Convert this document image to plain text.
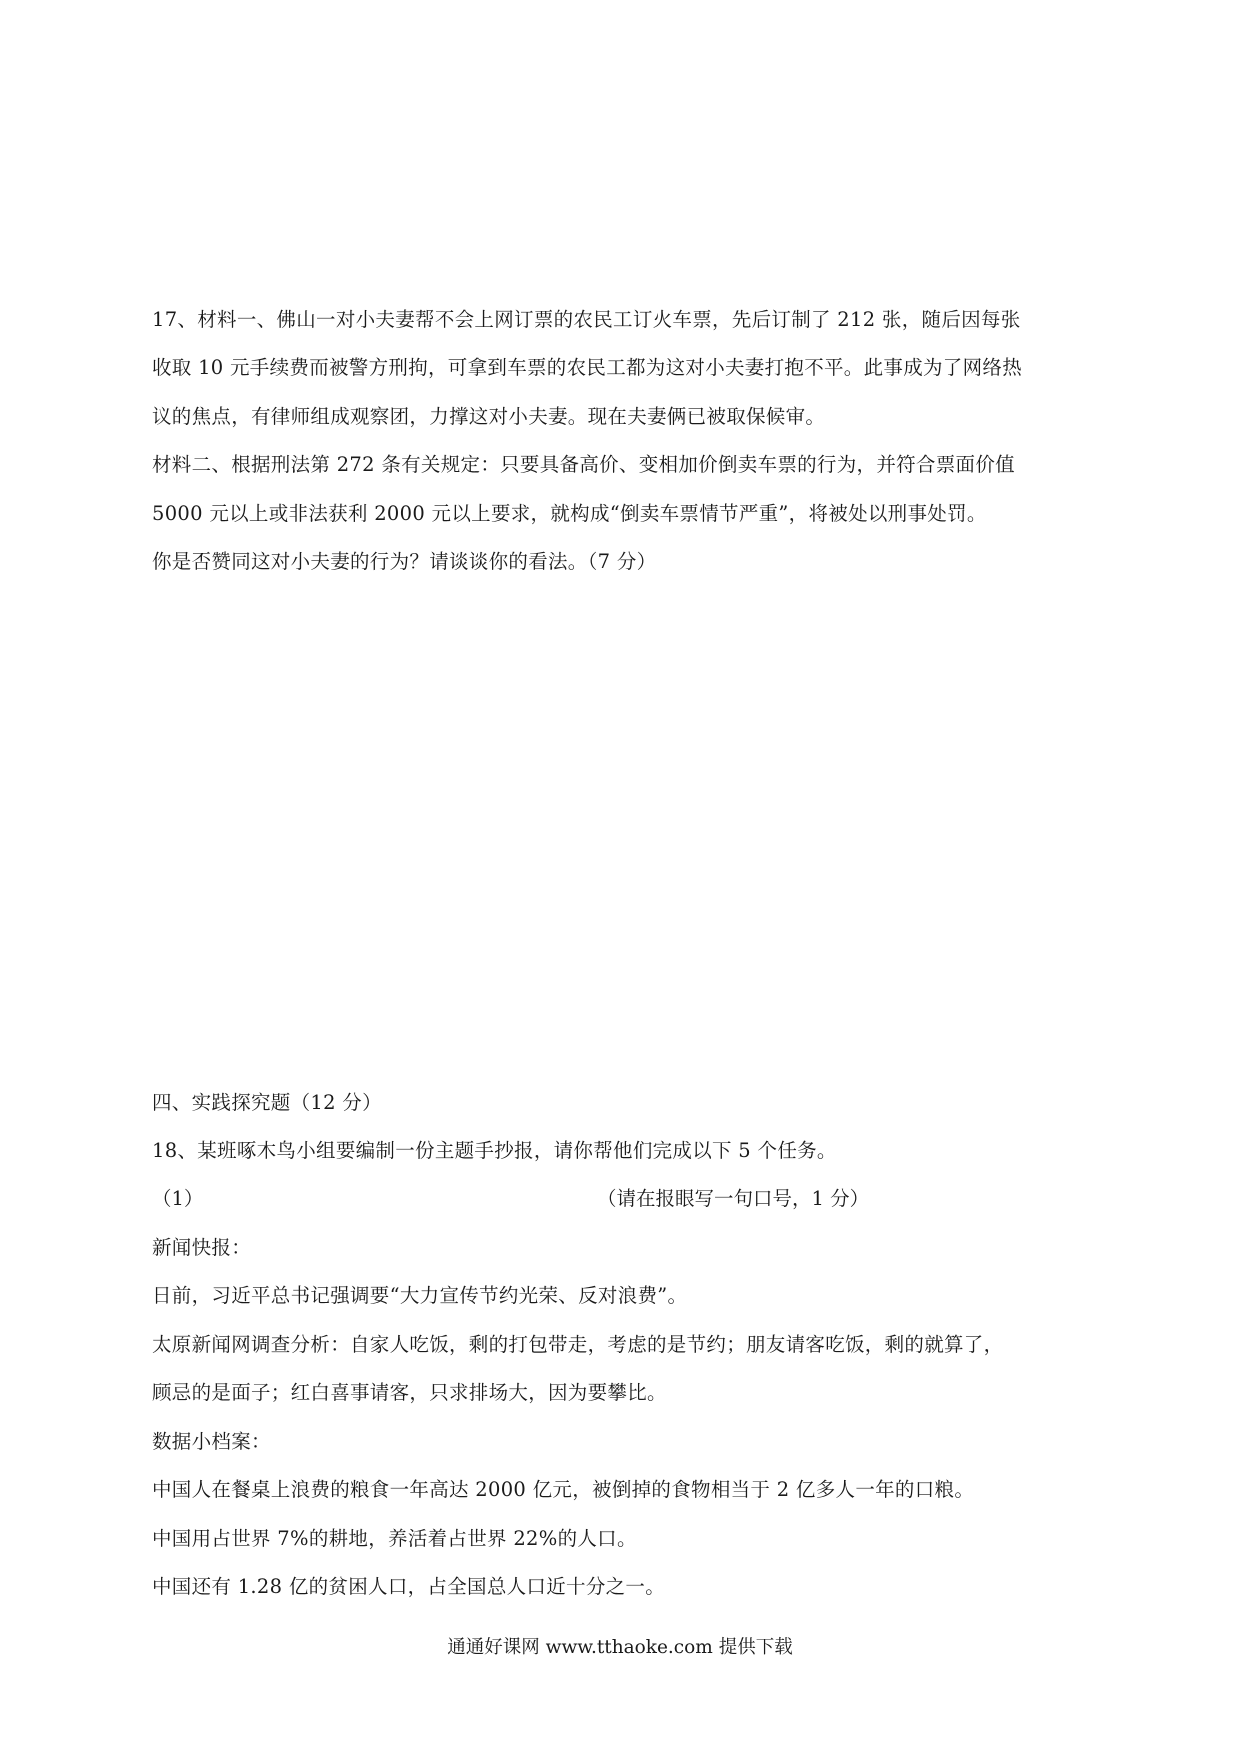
17、材料一、佛山一对小夫妻帮不会上网订票的农民工订火车票，先后订制了 212 张，随后因每张
收取 10 元手续费而被警方刑拘，可拿到车票的农民工都为这对小夫妻打抱不平。此事成为了网络热
议的焦点，有律师组成观察团，力撑这对小夫妻。现在夫妻俩已被取保候审。
材料二、根据刑法第 272 条有关规定：只要具备高价、变相加价倒卖车票的行为，并符合票面价值
5000 元以上或非法获利 2000 元以上要求，就构成“倒卖车票情节严重”，将被处以刑事处罚。
你是否赞同这对小夫妻的行为？请谈谈你的看法。（7 分）
四、实践探究题（12 分）
18、某班啄木鸟小组要编制一份主题手抄报，请你帮他们完成以下 5 个任务。
（1）	（请在报眼写一句口号，1 分）
新闻快报：
日前，习近平总书记强调要“大力宣传节约光荣、反对浪费”。
太原新闻网调查分析：自家人吃饭，剩的打包带走，考虑的是节约；朋友请客吃饭，剩的就算了，
顾忌的是面子；红白喜事请客，只求排场大，因为要攀比。
数据小档案：
中国人在餐桌上浪费的粮食一年高达 2000 亿元，被倒掉的食物相当于 2 亿多人一年的口粮。
中国用占世界 7%的耕地，养活着占世界 22%的人口。
中国还有 1.28 亿的贫困人口，占全国总人口近十分之一。
通通好课网 www.tthaoke.com 提供下载
